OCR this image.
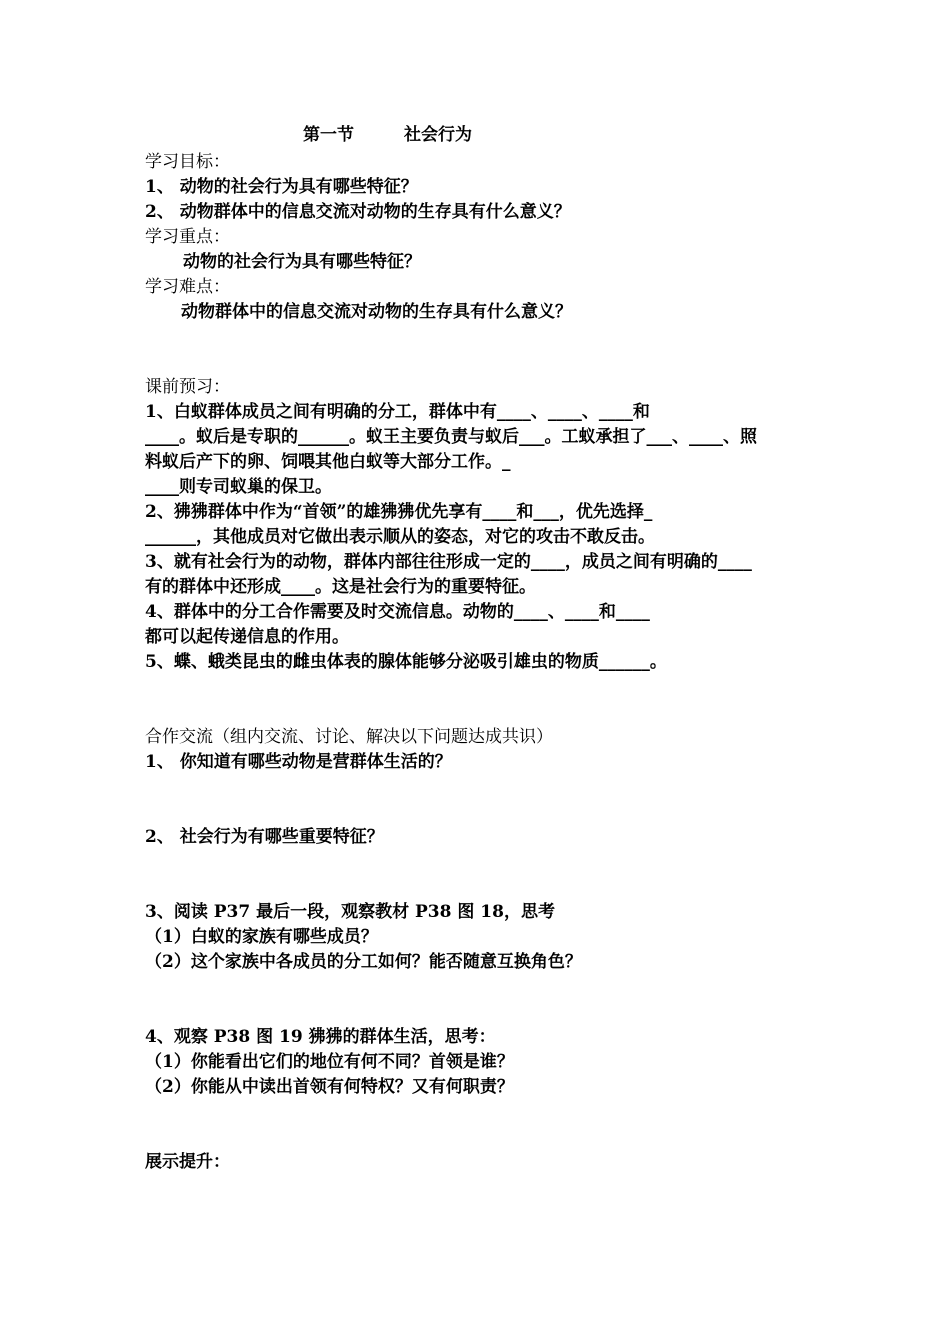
第一节	社会行为
学习目标：
1、 动物的社会行为具有哪些特征？
2、 动物群体中的信息交流对动物的生存具有什么意义？
学习重点：
动物的社会行为具有哪些特征？
学习难点：
动物群体中的信息交流对动物的生存具有什么意义？
课前预习：
1、白蚁群体成员之间有明确的分工，群体中有____、____、____和
____。蚁后是专职的______。蚁王主要负责与蚁后___。工蚁承担了___、____、照
料蚁后产下的卵、饲喂其他白蚁等大部分工作。_
____则专司蚁巢的保卫。
2、狒狒群体中作为“首领”的雄狒狒优先享有____和___，优先选择_
______，其他成员对它做出表示顺从的姿态，对它的攻击不敢反击。
3、就有社会行为的动物，群体内部往往形成一定的____，成员之间有明确的____
有的群体中还形成____。这是社会行为的重要特征。
4、群体中的分工合作需要及时交流信息。动物的____、____和____
都可以起传递信息的作用。
5、蝶、蛾类昆虫的雌虫体表的腺体能够分泌吸引雄虫的物质______。
合作交流（组内交流、讨论、解决以下问题达成共识）
1、 你知道有哪些动物是营群体生活的？
2、 社会行为有哪些重要特征？
3、阅读 P37 最后一段，观察教材 P38 图 18，思考
（1）白蚁的家族有哪些成员？
（2）这个家族中各成员的分工如何？能否随意互换角色？
4、观察 P38 图 19 狒狒的群体生活，思考：
（1）你能看出它们的地位有何不同？首领是谁？
（2）你能从中读出首领有何特权？又有何职责？
展示提升：
